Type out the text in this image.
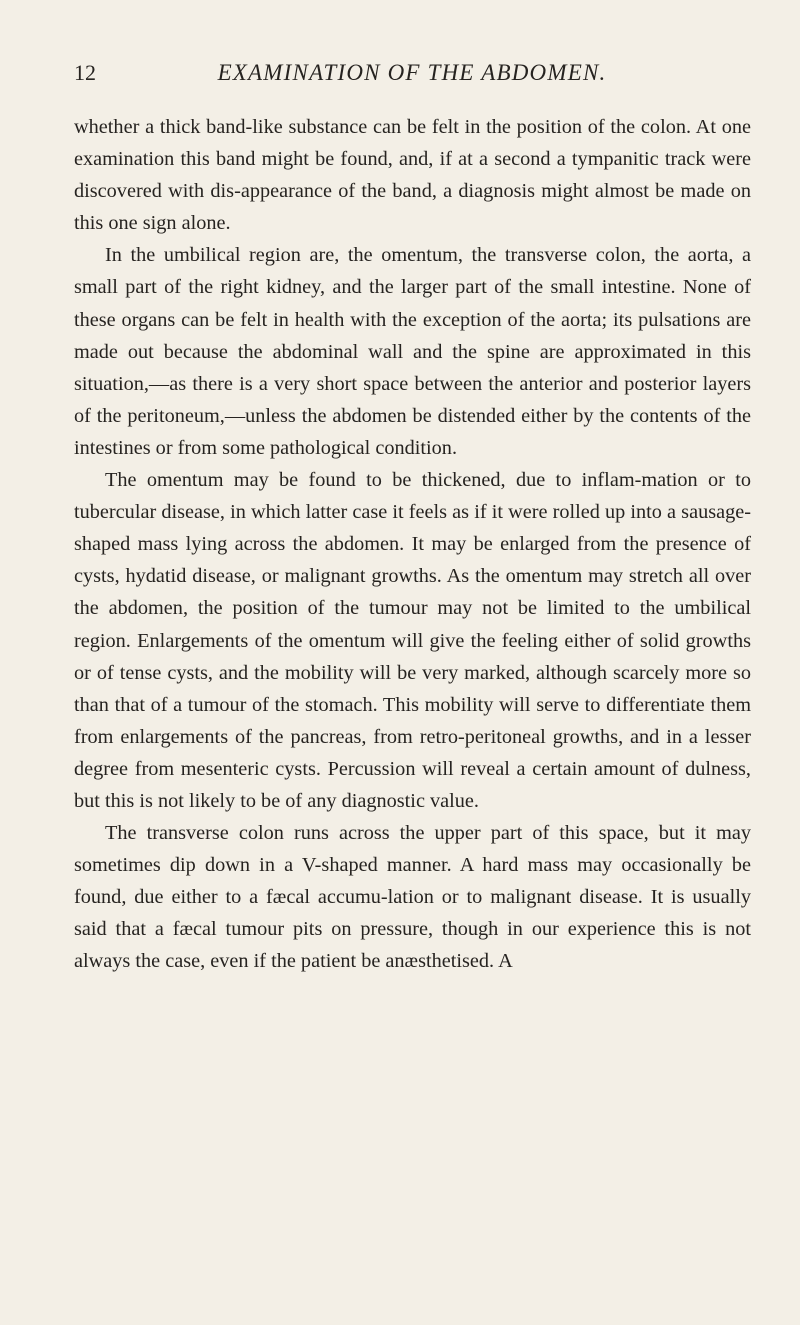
12	EXAMINATION OF THE ABDOMEN.

whether a thick band-like substance can be felt in the position of the colon. At one examination this band might be found, and, if at a second a tympanitic track were discovered with dis-appearance of the band, a diagnosis might almost be made on this one sign alone.

In the umbilical region are, the omentum, the transverse colon, the aorta, a small part of the right kidney, and the larger part of the small intestine. None of these organs can be felt in health with the exception of the aorta; its pulsations are made out because the abdominal wall and the spine are approximated in this situation,—as there is a very short space between the anterior and posterior layers of the peritoneum,—unless the abdomen be distended either by the contents of the intestines or from some pathological condition.

The omentum may be found to be thickened, due to inflam-mation or to tubercular disease, in which latter case it feels as if it were rolled up into a sausage-shaped mass lying across the abdomen. It may be enlarged from the presence of cysts, hydatid disease, or malignant growths. As the omentum may stretch all over the abdomen, the position of the tumour may not be limited to the umbilical region. Enlargements of the omentum will give the feeling either of solid growths or of tense cysts, and the mobility will be very marked, although scarcely more so than that of a tumour of the stomach. This mobility will serve to differentiate them from enlargements of the pancreas, from retro-peritoneal growths, and in a lesser degree from mesenteric cysts. Percussion will reveal a certain amount of dulness, but this is not likely to be of any diagnostic value.

The transverse colon runs across the upper part of this space, but it may sometimes dip down in a V-shaped manner. A hard mass may occasionally be found, due either to a fæcal accumu-lation or to malignant disease. It is usually said that a fæcal tumour pits on pressure, though in our experience this is not always the case, even if the patient be anæsthetised. A
